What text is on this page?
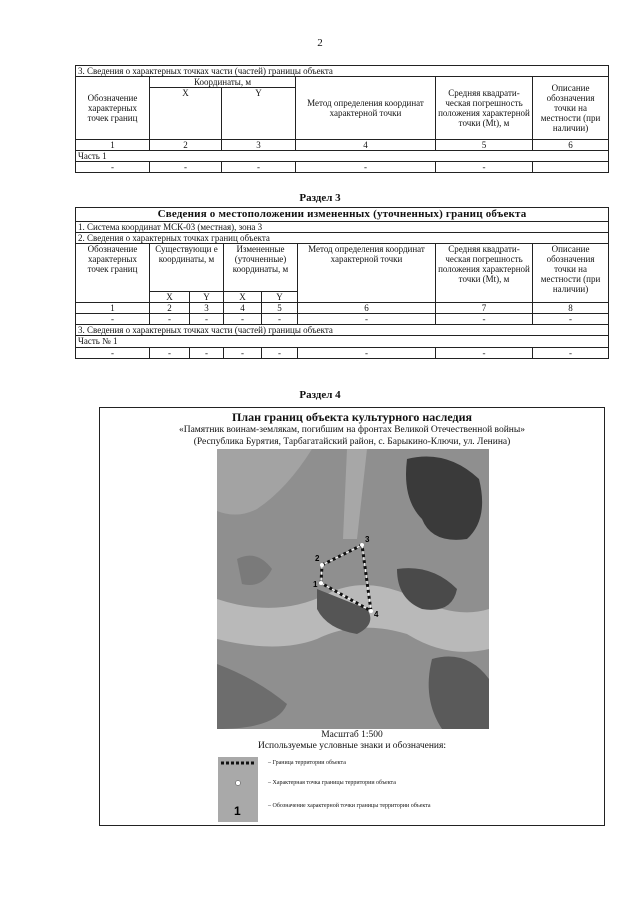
2
3. Сведения о характерных точках части (частей) границы объекта					
Обозначение характерных точек границ	Координаты, м		Метод определения координат характерной точки	Средняя квадрати-ческая погрешность положения характерной точки (Mt), м	Описание обозначения точки на местности (при наличии)
	X	Y			
1	2	3	4	5	6
Часть 1					
-	-	-	-	-	
Раздел 3
Сведения о местоположении измененных (уточненных) границ объекта							
1. Система координат МСК-03 (местная), зона 3							
2. Сведения о характерных точках границ объекта							
Обозначение характерных точек границ	Существующи е координаты, м		Измененные (уточненные) координаты, м		Метод определения координат характерной точки	Средняя квадрати-ческая погрешность положения характерной точки (Mt), м	Описание обозначения точки на местности (при наличии)
	X	Y	X	Y			
1	2	3	4	5	6	7	8
-	-	-	-	-	-	-	-
3. Сведения о характерных точках части (частей) границы объекта							
Часть № 1							
-	-	-	-	-	-	-	-
Раздел 4
План границ объекта культурного наследия
«Памятник воинам-землякам, погибшим на фронтах Великой Отечественной войны»
(Республика Бурятия, Тарбагатайский район, с. Барыкино-Ключи, ул. Ленина)
1
2
3
4
Масштаб 1:500
Используемые условные знаки и обозначения:
1
– Граница территории объекта
– Характерная точка границы территории объекта
– Обозначение характерной точки границы территории объекта
